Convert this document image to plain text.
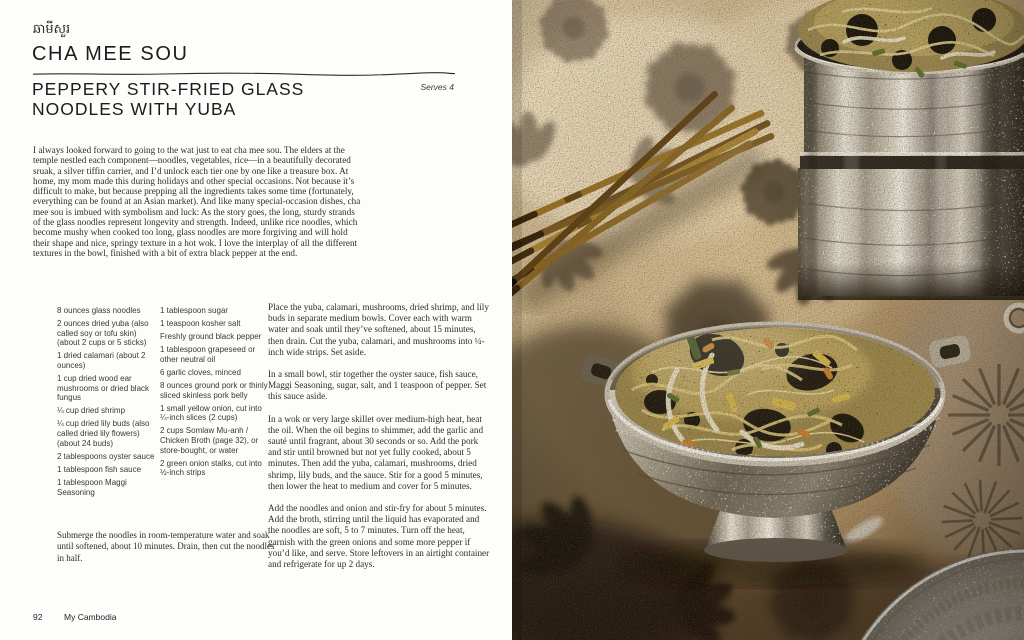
ឆាមីសួរ
CHA MEE SOU
PEPPERY STIR-FRIED GLASS NOODLES WITH YUBA
Serves 4
I always looked forward to going to the wat just to eat cha mee sou. The elders at the temple nestled each component—noodles, vegetables, rice—in a beautifully decorated sruak, a silver tiffin carrier, and I’d unlock each tier one by one like a treasure box. At home, my mom made this during holidays and other special occasions. Not because it’s difficult to make, but because prepping all the ingredients takes some time (fortunately, everything can be found at an Asian market). And like many special-occasion dishes, cha mee sou is imbued with symbolism and luck: As the story goes, the long, sturdy strands of the glass noodles represent longevity and strength. Indeed, unlike rice noodles, which become mushy when cooked too long, glass noodles are more forgiving and will hold their shape and nice, springy texture in a hot wok. I love the interplay of all the different textures in the bowl, finished with a bit of extra black pepper at the end.
8 ounces glass noodles
2 ounces dried yuba (also called soy or tofu skin) (about 2 cups or 5 sticks)
1 dried calamari (about 2 ounces)
1 cup dried wood ear mushrooms or dried black fungus
¼ cup dried shrimp
¼ cup dried lily buds (also called dried lily flowers) (about 24 buds)
2 tablespoons oyster sauce
1 tablespoon fish sauce
1 tablespoon Maggi Seasoning
1 tablespoon sugar
1 teaspoon kosher salt
Freshly ground black pepper
1 tablespoon grapeseed or other neutral oil
6 garlic cloves, minced
8 ounces ground pork or thinly sliced skinless pork belly
1 small yellow onion, cut into ¼-inch slices (2 cups)
2 cups Somlaw Mu-anh / Chicken Broth (page 32), or store-bought, or water
2 green onion stalks, cut into ½-inch strips
Submerge the noodles in room-temperature water and soak until softened, about 10 minutes. Drain, then cut the noodles in half.

Place the yuba, calamari, mushrooms, dried shrimp, and lily buds in separate medium bowls. Cover each with warm water and soak until they’ve softened, about 15 minutes, then drain. Cut the yuba, calamari, and mushrooms into ¼-inch wide strips. Set aside.

In a small bowl, stir together the oyster sauce, fish sauce, Maggi Seasoning, sugar, salt, and 1 teaspoon of pepper. Set this sauce aside.

In a wok or very large skillet over medium-high heat, heat the oil. When the oil begins to shimmer, add the garlic and sauté until fragrant, about 30 seconds or so. Add the pork and stir until browned but not yet fully cooked, about 5 minutes. Then add the yuba, calamari, mushrooms, dried shrimp, lily buds, and the sauce. Stir for a good 5 minutes, then lower the heat to medium and cover for 5 minutes.

Add the noodles and onion and stir-fry for about 5 minutes. Add the broth, stirring until the liquid has evaporated and the noodles are soft, 5 to 7 minutes. Turn off the heat, garnish with the green onions and some more pepper if you’d like, and serve. Store leftovers in an airtight container and refrigerate for up 2 days.

92	My Cambodia
